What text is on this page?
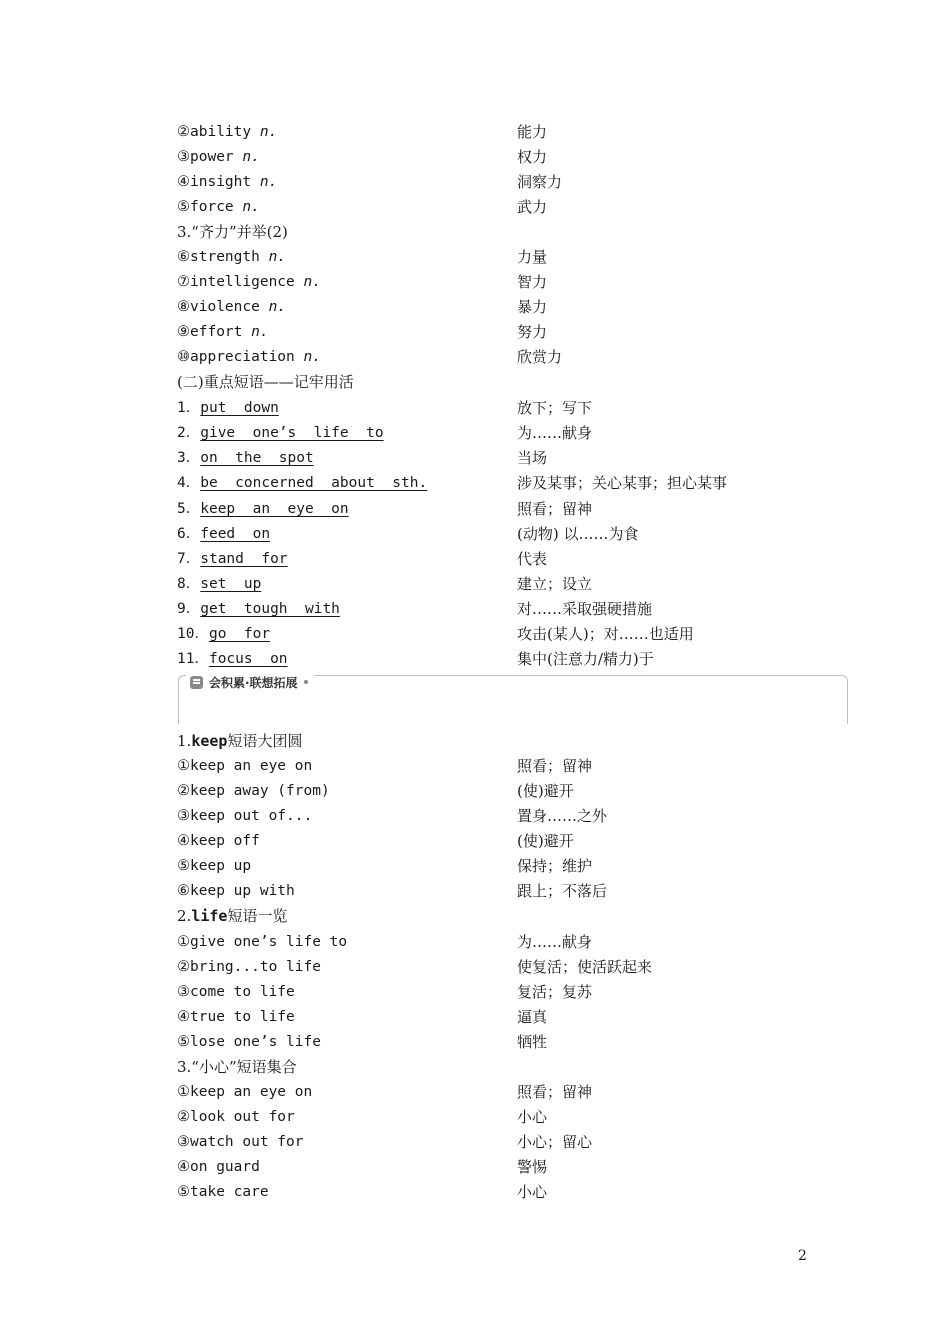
②ability n.	能力
③power n.	权力
④insight n.	洞察力
⑤force n.	武力
3.“齐力”并举(2)
⑥strength n.	力量
⑦intelligence n.	智力
⑧violence n.	暴力
⑨effort n.	努力
⑩appreciation n.	欣赏力
(二)重点短语——记牢用活
1．put  down	放下；写下
2．give  one’s  life  to	为……献身
3．on  the  spot	当场
4．be  concerned  about  sth.	涉及某事；关心某事；担心某事
5．keep  an  eye  on	照看；留神
6．feed  on	(动物) 以……为食
7．stand  for	代表
8．set  up	建立；设立
9．get  tough  with	对……采取强硬措施
10．go  for	攻击(某人)；对……也适用
11．focus  on	集中(注意力/精力)于
会积累·联想拓展
1.keep短语大团圆
①keep an eye on	照看；留神
②keep away (from)	(使)避开
③keep out of...	置身……之外
④keep off	(使)避开
⑤keep up	保持；维护
⑥keep up with	跟上；不落后
2.life短语一览
①give one’s life to	为……献身
②bring...to life	使复活；使活跃起来
③come to life	复活；复苏
④true to life	逼真
⑤lose one’s life	牺牲
3.“小心”短语集合
①keep an eye on	照看；留神
②look out for	小心
③watch out for	小心；留心
④on guard	警惕
⑤take care	小心
2
